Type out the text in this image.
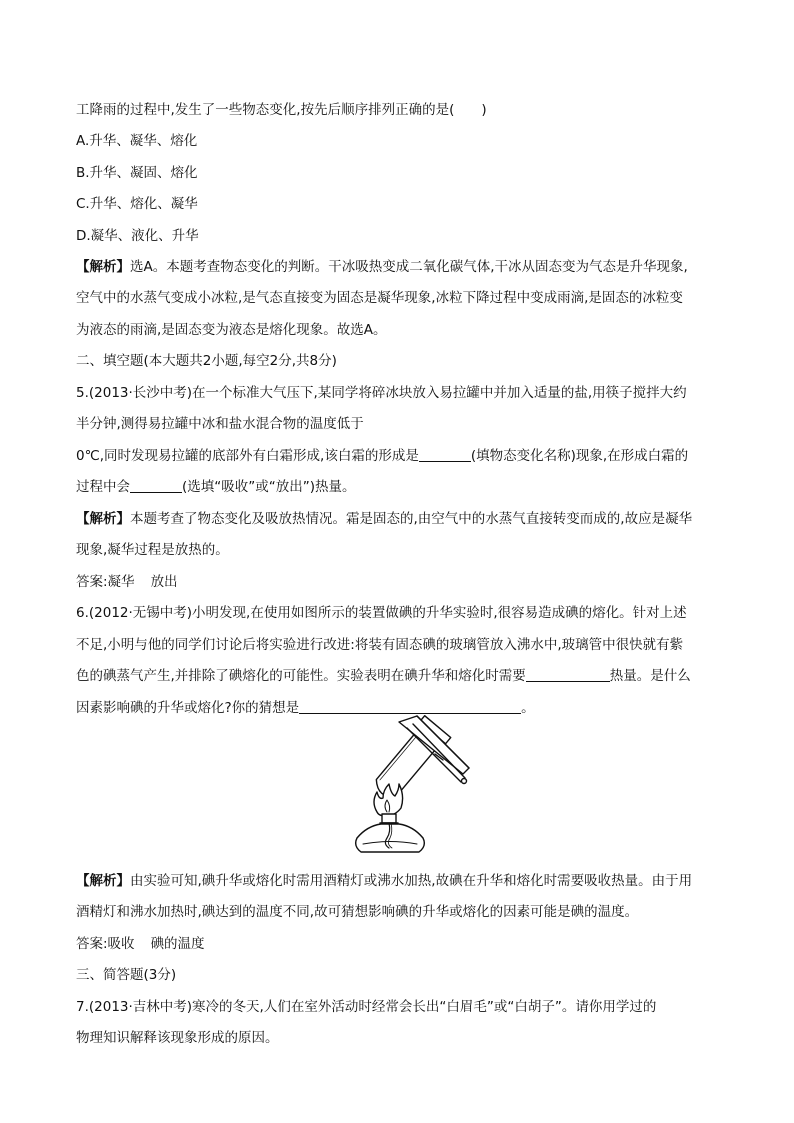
工降雨的过程中,发生了一些物态变化,按先后顺序排列正确的是(　　)
A.升华、凝华、熔化
B.升华、凝固、熔化
C.升华、熔化、凝华
D.凝华、液化、升华
【解析】选A。本题考查物态变化的判断。干冰吸热变成二氧化碳气体,干冰从固态变为气态是升华现象,
空气中的水蒸气变成小冰粒,是气态直接变为固态是凝华现象,冰粒下降过程中变成雨滴,是固态的冰粒变
为液态的雨滴,是固态变为液态是熔化现象。故选A。
二、填空题(本大题共2小题,每空2分,共8分)
5.(2013·长沙中考)在一个标准大气压下,某同学将碎冰块放入易拉罐中并加入适量的盐,用筷子搅拌大约
半分钟,测得易拉罐中冰和盐水混合物的温度低于
0℃,同时发现易拉罐的底部外有白霜形成,该白霜的形成是	(填物态变化名称)现象,在形成白霜的
过程中会	(选填“吸收”或“放出”)热量。
【解析】本题考查了物态变化及吸放热情况。霜是固态的,由空气中的水蒸气直接转变而成的,故应是凝华
现象,凝华过程是放热的。
答案:凝华 放出
6.(2012·无锡中考)小明发现,在使用如图所示的装置做碘的升华实验时,很容易造成碘的熔化。针对上述
不足,小明与他的同学们讨论后将实验进行改进:将装有固态碘的玻璃管放入沸水中,玻璃管中很快就有紫
色的碘蒸气产生,并排除了碘熔化的可能性。实验表明在碘升华和熔化时需要	热量。是什么
因素影响碘的升华或熔化?你的猜想是	。
【解析】由实验可知,碘升华或熔化时需用酒精灯或沸水加热,故碘在升华和熔化时需要吸收热量。由于用
酒精灯和沸水加热时,碘达到的温度不同,故可猜想影响碘的升华或熔化的因素可能是碘的温度。
答案:吸收 碘的温度
三、简答题(3分)
7.(2013·吉林中考)寒冷的冬天,人们在室外活动时经常会长出“白眉毛”或“白胡子”。请你用学过的
物理知识解释该现象形成的原因。
